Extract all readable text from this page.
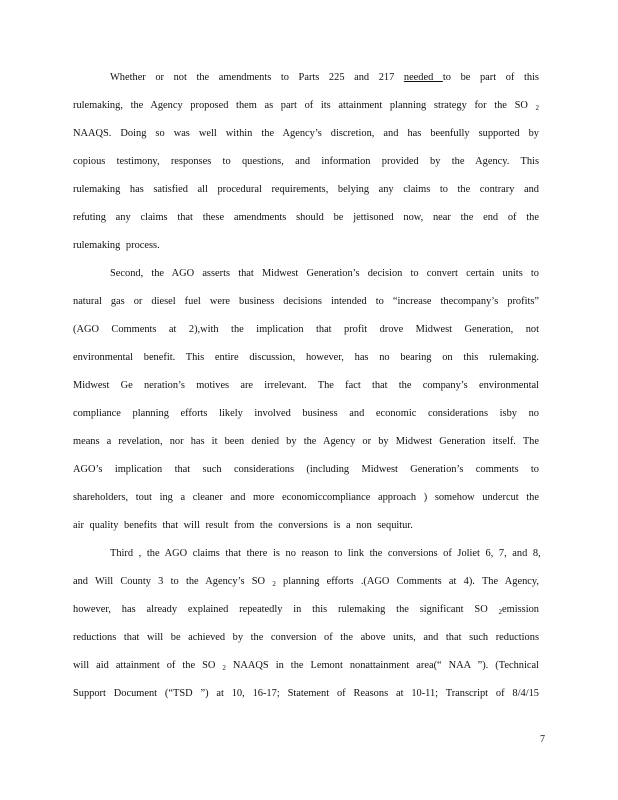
Whether or not the amendments to Parts 225 and 217 needed to be part of this
rulemaking, the Agency proposed them as part of its attainment planning strategy for the SO 2
NAAQS. Doing so was well within the Agency’s discretion, and has beenfully supported by
copious testimony, responses to questions, and information provided by the Agency. This
rulemaking has satisfied all procedural requirements, belying any claims to the contrary and
refuting any claims that these amendments should be jettisoned now, near the end of the
rulemaking process.
Second, the AGO asserts that Midwest Generation’s decision to convert certain units to
natural gas or diesel fuel were business decisions intended to “increase thecompany’s profits”
(AGO Comments at 2),with the implication that profit drove Midwest Generation, not
environmental benefit. This entire discussion, however, has no bearing on this rulemaking.
Midwest Ge neration’s motives are irrelevant. The fact that the company’s environmental
compliance planning efforts likely involved business and economic considerations isby no
means a revelation, nor has it been denied by the Agency or by Midwest Generation itself. The
AGO’s implication that such considerations (including Midwest Generation’s comments to
shareholders, tout ing a cleaner and more economiccompliance approach ) somehow undercut the
air quality benefits that will result from the conversions is a non sequitur.
Third , the AGO claims that there is no reason to link the conversions of Joliet 6, 7, and 8,
and Will County 3 to the Agency’s SO 2 planning efforts .(AGO Comments at 4). The Agency,
however, has already explained repeatedly in this rulemaking the significant SO 2emission
reductions that will be achieved by the conversion of the above units, and that such reductions
will aid attainment of the SO 2 NAAQS in the Lemont nonattainment area(“ NAA ”). (Technical
Support Document (“TSD ”) at 10, 16-17; Statement of Reasons at 10-11; Transcript of 8/4/15
7
